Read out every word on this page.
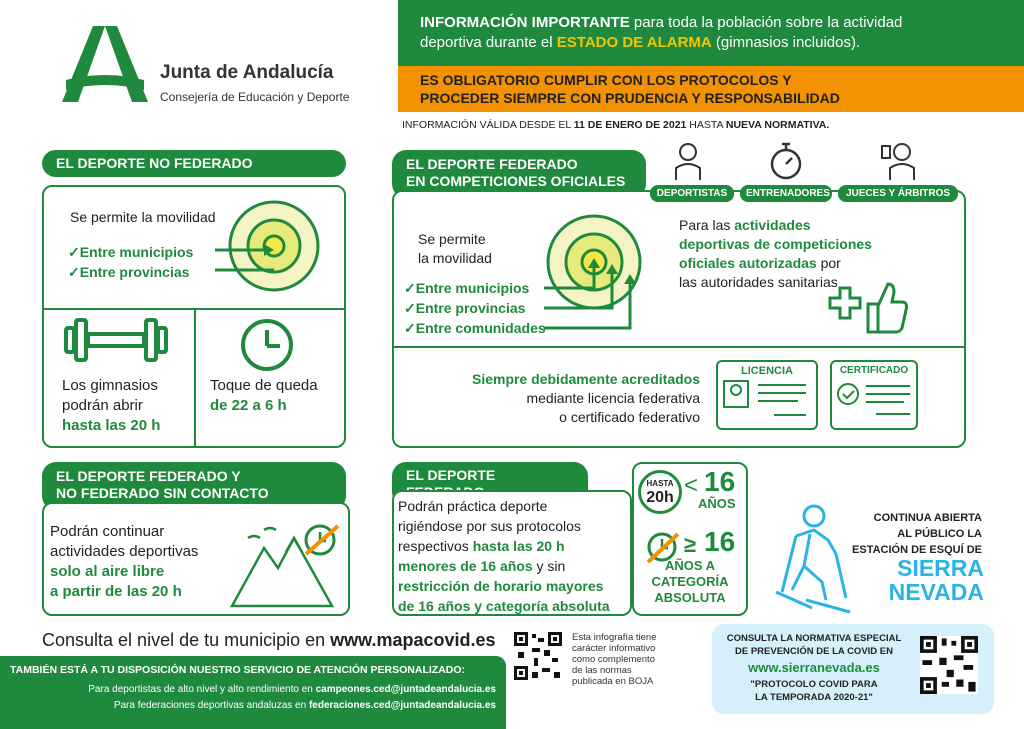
Junta de Andalucía
Consejería de Educación y Deporte
INFORMACIÓN IMPORTANTE para toda la población sobre la actividad
deportiva durante el ESTADO DE ALARMA (gimnasios incluidos).
ES OBLIGATORIO CUMPLIR CON LOS PROTOCOLOS Y
PROCEDER SIEMPRE CON PRUDENCIA Y RESPONSABILIDAD
INFORMACIÓN VÁLIDA DESDE EL 11 DE ENERO DE 2021 HASTA NUEVA NORMATIVA.
EL DEPORTE NO FEDERADO
Se permite la movilidad
✓Entre municipios
✓Entre provincias
Los gimnasios
podrán abrir
hasta las 20 h
Toque de queda
de 22 a 6 h
EL DEPORTE FEDERADO
EN COMPETICIONES OFICIALES
DEPORTISTAS	ENTRENADORES	JUECES Y ÁRBITROS
Se permite
la movilidad
✓Entre municipios
✓Entre provincias
✓Entre comunidades
Para las actividades
deportivas de competiciones
oficiales autorizadas por
las autoridades sanitarias
Siempre debidamente acreditados
mediante licencia federativa
o certificado federativo
LICENCIA	CERTIFICADO
EL DEPORTE FEDERADO Y
NO FEDERADO SIN CONTACTO
Podrán continuar
actividades deportivas
solo al aire libre
a partir de las 20 h
EL DEPORTE
Podrán práctica deporte
rigiéndose por sus protocolos
respectivos hasta las 20 h
menores de 16 años y sin
restricción de horario mayores
de 16 años y categoría absoluta
HASTA
20h < 16
AÑOS
≥ 16
AÑOS A
CATEGORÍA
ABSOLUTA
CONTINUA ABIERTA
AL PÚBLICO LA
ESTACIÓN DE ESQUÍ DE
SIERRA
NEVADA
Consulta el nivel de tu municipio en www.mapacovid.es	Esta infografía tiene
carácter informativo
como complemento
de las normas
publicada en BOJA
TAMBIÉN ESTÁ A TU DISPOSICIÓN NUESTRO SERVICIO DE ATENCIÓN PERSONALIZADO:
Para deportistas de alto nivel y alto rendimiento en campeones.ced@juntadeandalucia.es
Para federaciones deportivas andaluzas en federaciones.ced@juntadeandalucia.es
CONSULTA LA NORMATIVA ESPECIAL
DE PREVENCIÓN DE LA COVID EN
www.sierranevada.es
"PROTOCOLO COVID PARA
LA TEMPORADA 2020-21"
